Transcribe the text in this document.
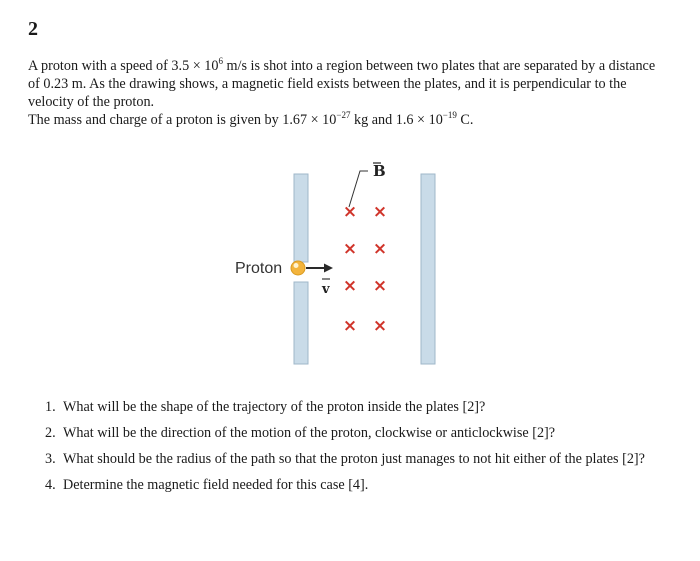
2

A proton with a speed of $3.5 \times 10^6$ m/s is shot into a region between two plates that are separated by a distance of 0.23 m. As the drawing shows, a magnetic field exists between the plates, and it is perpendicular to the velocity of the proton.

The mass and charge of a proton is given by $1.67 \times 10^{-27}$ kg and $1.6 \times 10^{-19}$ C.

B
× ×
× ×
× ×
× ×
Proton
v
1. What will be the shape of the trajectory of the proton inside the plates [2]?
2. What will be the direction of the motion of the proton, clockwise or anticlockwise [2]?
3. What should be the radius of the path so that the proton just manages to not hit either of the plates [2]?
4. Determine the magnetic field needed for this case [4].
